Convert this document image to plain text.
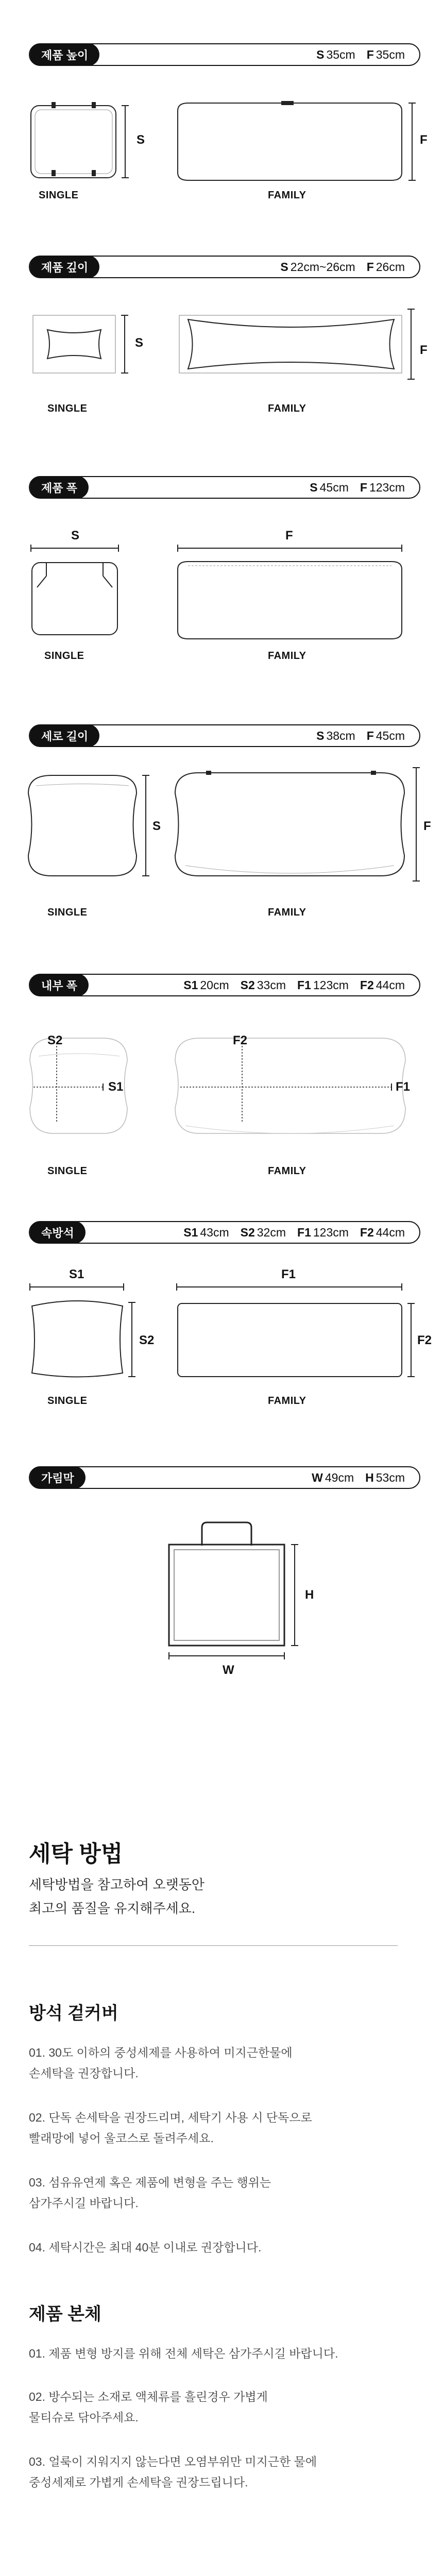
제품 높이	S 35cm F 35cm
S	F
SINGLE	FAMILY
제품 깊이	S 22cm~26cm F 26cm
S
F
SINGLE	FAMILY
제품 폭	S 45cm F 123cm
S	F
SINGLE	FAMILY
세로 길이	S 38cm F 45cm
S	F
SINGLE	FAMILY
내부 폭	S1 20cm S2 33cm F1 123cm F2 44cm
S2
S1
F2
F1
SINGLE	FAMILY
속방석	S1 43cm S2 32cm F1 123cm F2 44cm
S1
S2
F1
F2
SINGLE	FAMILY
가림막	W 49cm H 53cm
H
W
세탁 방법
세탁방법을 참고하여 오랫동안
최고의 품질을 유지해주세요.
방석 겉커버
01. 30도 이하의 중성세제를 사용하여 미지근한물에
손세탁을 권장합니다.
02. 단독 손세탁을 권장드리며, 세탁기 사용 시 단독으로
빨래망에 넣어 울코스로 돌려주세요.
03. 섬유유연제 혹은 제품에 변형을 주는 행위는
삼가주시길 바랍니다.
04. 세탁시간은 최대 40분 이내로 권장합니다.
제품 본체
01. 제품 변형 방지를 위해 전체 세탁은 삼가주시길 바랍니다.
02. 방수되는 소재로 액체류를 흘린경우 가볍게
물티슈로 닦아주세요.
03. 얼룩이 지워지지 않는다면 오염부위만 미지근한 물에
중성세제로 가볍게 손세탁을 권장드립니다.
